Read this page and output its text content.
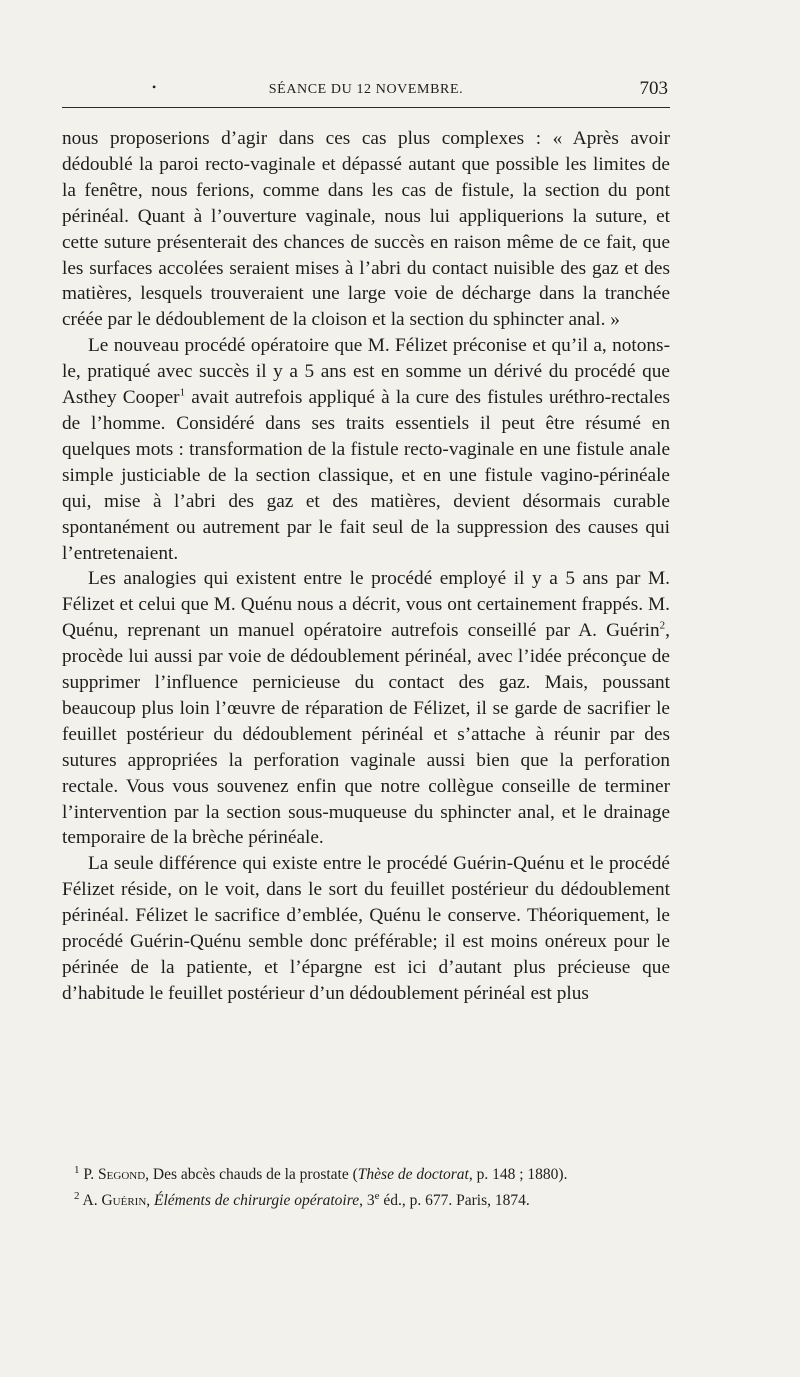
•	SÉANCE DU 12 NOVEMBRE.	703

nous proposerions d’agir dans ces cas plus complexes : « Après avoir dédoublé la paroi recto-vaginale et dépassé autant que possible les limites de la fenêtre, nous ferions, comme dans les cas de fistule, la section du pont périnéal. Quant à l’ouverture vaginale, nous lui appliquerions la suture, et cette suture présenterait des chances de succès en raison même de ce fait, que les surfaces accolées seraient mises à l’abri du contact nuisible des gaz et des matières, lesquels trouveraient une large voie de décharge dans la tranchée créée par le dédoublement de la cloison et la section du sphincter anal. »

Le nouveau procédé opératoire que M. Félizet préconise et qu’il a, notons-le, pratiqué avec succès il y a 5 ans est en somme un dérivé du procédé que Asthey Cooper$^1$ avait autrefois appliqué à la cure des fistules uréthro-rectales de l’homme. Considéré dans ses traits essentiels il peut être résumé en quelques mots : transformation de la fistule recto-vaginale en une fistule anale simple justiciable de la section classique, et en une fistule vagino-périnéale qui, mise à l’abri des gaz et des matières, devient désormais curable spontanément ou autrement par le fait seul de la suppression des causes qui l’entretenaient.

Les analogies qui existent entre le procédé employé il y a 5 ans par M. Félizet et celui que M. Quénu nous a décrit, vous ont certainement frappés. M. Quénu, reprenant un manuel opératoire autrefois conseillé par A. Guérin$^2$, procède lui aussi par voie de dédoublement périnéal, avec l’idée préconçue de supprimer l’influence pernicieuse du contact des gaz. Mais, poussant beaucoup plus loin l’œuvre de réparation de Félizet, il se garde de sacrifier le feuillet postérieur du dédoublement périnéal et s’attache à réunir par des sutures appropriées la perforation vaginale aussi bien que la perforation rectale. Vous vous souvenez enfin que notre collègue conseille de terminer l’intervention par la section sous-muqueuse du sphincter anal, et le drainage temporaire de la brèche périnéale.

La seule différence qui existe entre le procédé Guérin-Quénu et le procédé Félizet réside, on le voit, dans le sort du feuillet postérieur du dédoublement périnéal. Félizet le sacrifice d’emblée, Quénu le conserve. Théoriquement, le procédé Guérin-Quénu semble donc préférable; il est moins onéreux pour le périnée de la patiente, et l’épargne est ici d’autant plus précieuse que d’habitude le feuillet postérieur d’un dédoublement périnéal est plus

$^1$ P. Segond, Des abcès chauds de la prostate (Thèse de doctorat, p. 148 ; 1880).

$^2$ A. Guérin, Éléments de chirurgie opératoire, 3e éd., p. 677. Paris, 1874.
